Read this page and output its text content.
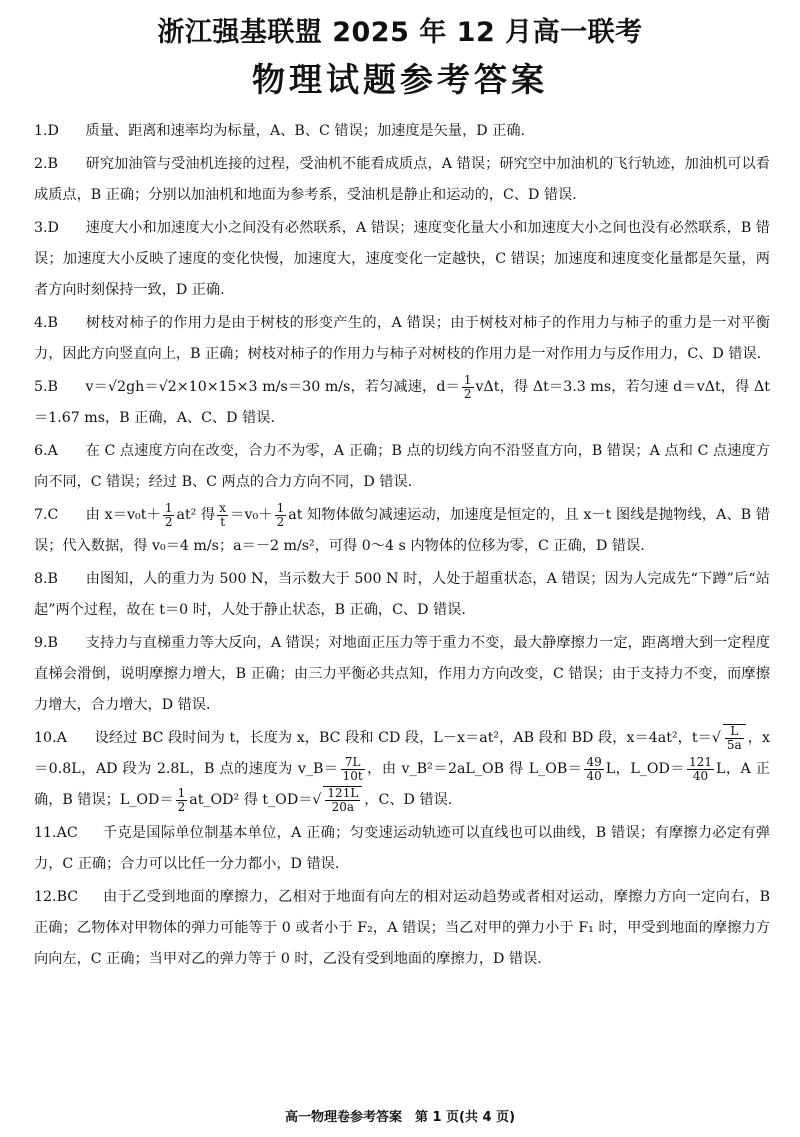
浙江强基联盟 2025 年 12 月高一联考
物理试题参考答案

1.D 质量、距离和速率均为标量，A、B、C 错误；加速度是矢量，D 正确.

2.B 研究加油管与受油机连接的过程，受油机不能看成质点，A 错误；研究空中加油机的飞行轨迹，加油机可以看成质点，B 正确；分别以加油机和地面为参考系，受油机是静止和运动的，C、D 错误.

3.D 速度大小和加速度大小之间没有必然联系，A 错误；速度变化量大小和加速度大小之间也没有必然联系，B 错误；加速度大小反映了速度的变化快慢，加速度大，速度变化一定越快，C 错误；加速度和速度变化量都是矢量，两者方向时刻保持一致，D 正确.

4.B 树枝对柿子的作用力是由于树枝的形变产生的，A 错误；由于树枝对柿子的作用力与柿子的重力是一对平衡力，因此方向竖直向上，B 正确；树枝对柿子的作用力与柿子对树枝的作用力是一对作用力与反作用力，C、D 错误.

5.B v＝√2gh＝√2×10×15×3 m/s＝30 m/s，若匀减速，$d= \frac{1}{2}$ vΔt，得 Δt＝3.3 ms，若匀速 d＝vΔt，得 Δt＝1.67 ms，B 正确，A、C、D 错误.

6.A 在 C 点速度方向在改变，合力不为零，A 正确；B 点的切线方向不沿竖直方向，B 错误；A 点和 C 点速度方向不同，C 错误；经过 B、C 两点的合力方向不同，D 错误.

7.C 由 $x=v_0t+ \frac{1}{2} at^2$ 得 $\frac{x}{t} =v_0+ \frac{1}{2}$ at 知物体做匀减速运动，加速度是恒定的，且 x－t 图线是抛物线，A、B 错误；代入数据，得 v₀＝4 m/s；a＝－2 m/s²，可得 0～4 s 内物体的位移为零，C 正确，D 错误.

8.B 由图知，人的重力为 500 N，当示数大于 500 N 时，人处于超重状态，A 错误；因为人完成先“下蹲”后“站起”两个过程，故在 t＝0 时，人处于静止状态，B 正确，C、D 错误.

9.B 支持力与直梯重力等大反向，A 错误；对地面正压力等于重力不变，最大静摩擦力一定，距离增大到一定程度直梯会滑倒，说明摩擦力增大，B 正确；由三力平衡必共点知，作用力方向改变，C 错误；由于支持力不变，而摩擦力增大，合力增大，D 错误.

10.A 设经过 BC 段时间为 t，长度为 x，BC 段和 CD 段，L－x＝at²，AB 段和 BD 段，x＝4at²，$t=√ \frac{L}{5a}$ ，x＝0.8L，AD 段为 2.8L，B 点的速度为 v_B＝ $\frac{7L}{10t}$ ，由 v_B²＝2aL_OB 得 L_OB＝ $\frac{49}{40}$ L，L_OD＝ $\frac{121}{40}$ L，A 正确，B 错误；L_OD＝ $\frac{1}{2}$ at_OD² 得 t_OD＝√ $\frac{121L}{20a}$ ，C、D 错误.

11.AC 千克是国际单位制基本单位，A 正确；匀变速运动轨迹可以直线也可以曲线，B 错误；有摩擦力必定有弹力，C 正确；合力可以比任一分力都小，D 错误.

12.BC 由于乙受到地面的摩擦力，乙相对于地面有向左的相对运动趋势或者相对运动，摩擦力方向一定向右，B 正确；乙物体对甲物体的弹力可能等于 0 或者小于 F₂，A 错误；当乙对甲的弹力小于 F₁ 时，甲受到地面的摩擦力方向向左，C 正确；当甲对乙的弹力等于 0 时，乙没有受到地面的摩擦力，D 错误.

高一物理卷参考答案　第 1 页(共 4 页)
